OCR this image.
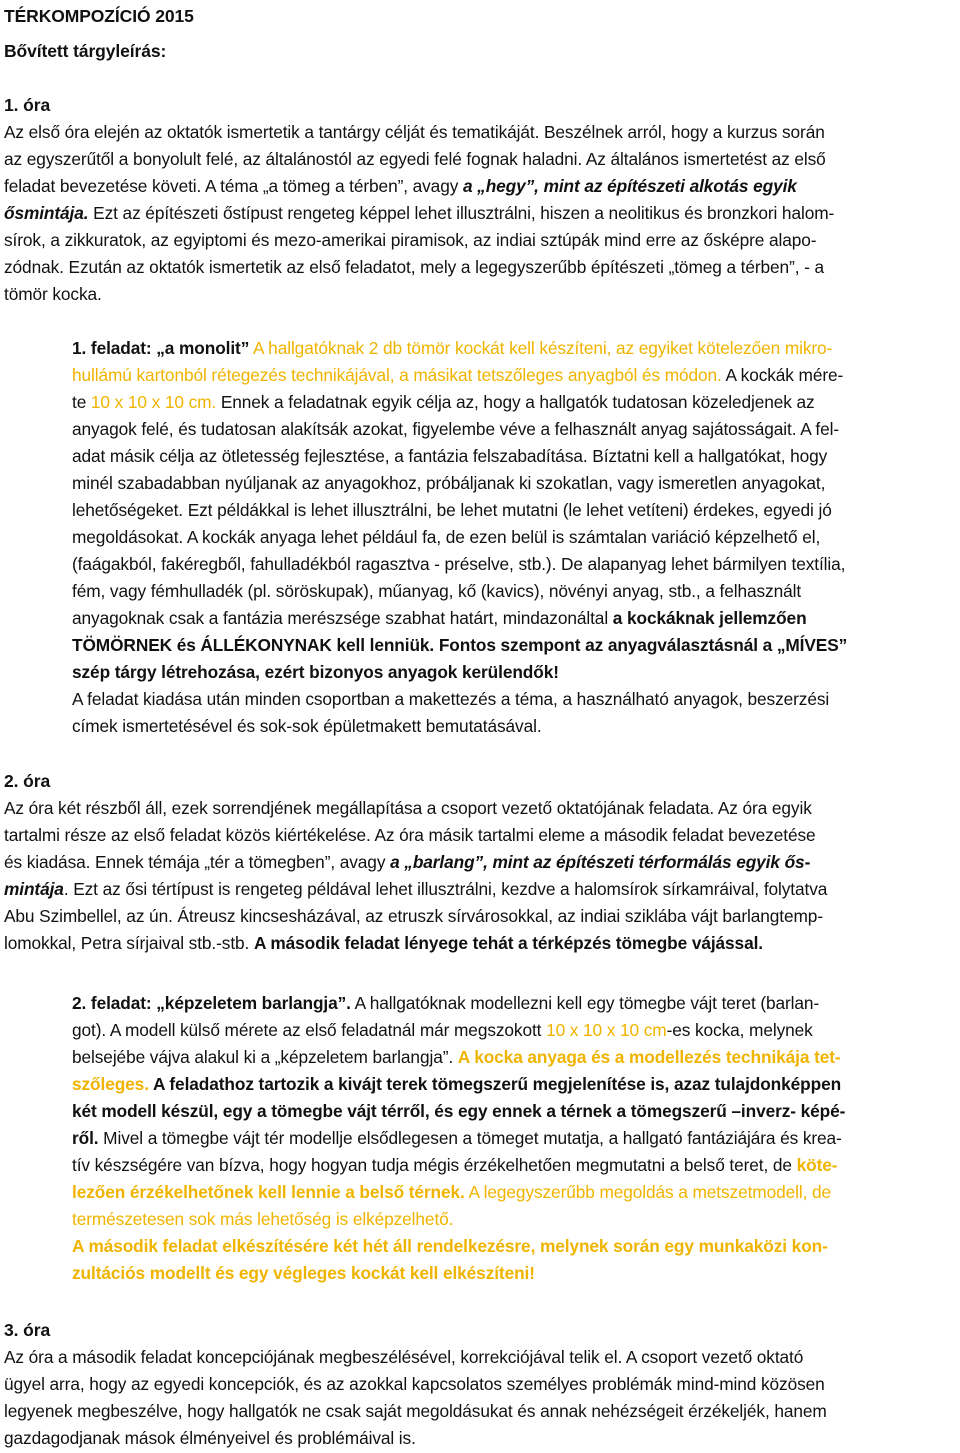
TÉRKOMPOZÍCIÓ 2015
Bővített tárgyleírás:
1. óra
Az első óra elején az oktatók ismertetik a tantárgy célját és tematikáját. Beszélnek arról, hogy a kurzus során
az egyszerűtől a bonyolult felé, az általánostól az egyedi felé fognak haladni. Az általános ismertetést az első
feladat bevezetése követi. A téma „a tömeg a térben”, avagy a „hegy”, mint az építészeti alkotás egyik
ősmintája. Ezt az építészeti őstípust rengeteg képpel lehet illusztrálni, hiszen a neolitikus és bronzkori halom-
sírok, a zikkuratok, az egyiptomi és mezo-amerikai piramisok, az indiai sztúpák mind erre az ősképre alapo-
zódnak. Ezután az oktatók ismertetik az első feladatot, mely a legegyszerűbb építészeti „tömeg a térben”, - a
tömör kocka.
1. feladat: „a monolit” A hallgatóknak 2 db tömör kockát kell készíteni, az egyiket kötelezően mikro-
hullámú kartonból rétegezés technikájával, a másikat tetszőleges anyagból és módon. A kockák mére-
te 10 x 10 x 10 cm. Ennek a feladatnak egyik célja az, hogy a hallgatók tudatosan közeledjenek az
anyagok felé, és tudatosan alakítsák azokat, figyelembe véve a felhasznált anyag sajátosságait. A fel-
adat másik célja az ötletesség fejlesztése, a fantázia felszabadítása. Bíztatni kell a hallgatókat, hogy
minél szabadabban nyúljanak az anyagokhoz, próbáljanak ki szokatlan, vagy ismeretlen anyagokat,
lehetőségeket. Ezt példákkal is lehet illusztrálni, be lehet mutatni (le lehet vetíteni) érdekes, egyedi jó
megoldásokat. A kockák anyaga lehet például fa, de ezen belül is számtalan variáció képzelhető el,
(faágakból, fakéregből, fahulladékból ragasztva - préselve, stb.). De alapanyag lehet bármilyen textília,
fém, vagy fémhulladék (pl. söröskupak), műanyag, kő (kavics), növényi anyag, stb., a felhasznált
anyagoknak csak a fantázia merészsége szabhat határt, mindazonáltal a kockáknak jellemzően
TÖMÖRNEK és ÁLLÉKONYNAK kell lenniük. Fontos szempont az anyagválasztásnál a „MÍVES”
szép tárgy létrehozása, ezért bizonyos anyagok kerülendők!
A feladat kiadása után minden csoportban a makettezés a téma, a használható anyagok, beszerzési
címek ismertetésével és sok-sok épületmakett bemutatásával.
2. óra
Az óra két részből áll, ezek sorrendjének megállapítása a csoport vezető oktatójának feladata. Az óra egyik
tartalmi része az első feladat közös kiértékelése. Az óra másik tartalmi eleme a második feladat bevezetése
és kiadása. Ennek témája „tér a tömegben”, avagy a „barlang”, mint az építészeti térformálás egyik ős-
mintája. Ezt az ősi tértípust is rengeteg példával lehet illusztrálni, kezdve a halomsírok sírkamráival, folytatva
Abu Szimbellel, az ún. Átreusz kincsesházával, az etruszk sírvárosokkal, az indiai sziklába vájt barlangtemp-
lomokkal, Petra sírjaival stb.-stb. A második feladat lényege tehát a térképzés tömegbe vájással.
2. feladat: „képzeletem barlangja”. A hallgatóknak modellezni kell egy tömegbe vájt teret (barlan-
got). A modell külső mérete az első feladatnál már megszokott 10 x 10 x 10 cm-es kocka, melynek
belsejébe vájva alakul ki a „képzeletem barlangja”. A kocka anyaga és a modellezés technikája tet-
szőleges. A feladathoz tartozik a kivájt terek tömegszerű megjelenítése is, azaz tulajdonképpen
két modell készül, egy a tömegbe vájt térről, és egy ennek a térnek a tömegszerű –inverz- képé-
ről. Mivel a tömegbe vájt tér modellje elsődlegesen a tömeget mutatja, a hallgató fantáziájára és krea-
tív készségére van bízva, hogy hogyan tudja mégis érzékelhetően megmutatni a belső teret, de köte-
lezően érzékelhetőnek kell lennie a belső térnek. A legegyszerűbb megoldás a metszetmodell, de
természetesen sok más lehetőség is elképzelhető.
A második feladat elkészítésére két hét áll rendelkezésre, melynek során egy munkaközi kon-
zultációs modellt és egy végleges kockát kell elkészíteni!
3. óra
Az óra a második feladat koncepciójának megbeszélésével, korrekciójával telik el. A csoport vezető oktató
ügyel arra, hogy az egyedi koncepciók, és az azokkal kapcsolatos személyes problémák mind-mind közösen
legyenek megbeszélve, hogy hallgatók ne csak saját megoldásukat és annak nehézségeit érzékeljék, hanem
gazdagodjanak mások élményeivel és problémáival is.
